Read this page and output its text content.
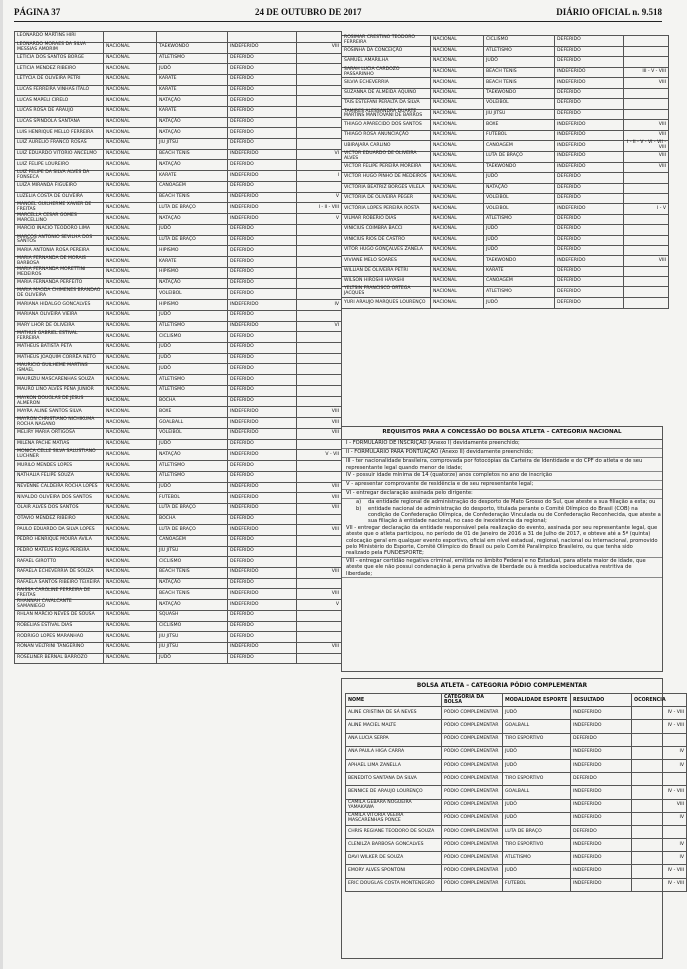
PÁGINA 37	24 DE OUTUBRO DE 2017	DIÁRIO OFICIAL n. 9.518
LEONARDO MARTINS HIRI				
LEONARDO MORAES DA SILVA MESSIAS AMORIM	NACIONAL	TAEKWONDO	INDEFERIDO	VIII
LETICIA DOS SANTOS BORGE	NACIONAL	ATLETISMO	DEFERIDO	
LETICIA MENDEZ RIBEIRO	NACIONAL	JUDÔ	DEFERIDO	
LETYCIA DE OLIVEIRA PETRI	NACIONAL	KARATE	DEFERIDO	
LUCAS FERREIRA VINHAS ITALO	NACIONAL	KARATE	DEFERIDO	
LUCAS MAPELI CIRELO	NACIONAL	NATAÇÃO	DEFERIDO	
LUCAS ROSA DE ARAUJO	NACIONAL	KARATE	DEFERIDO	
LUCAS SPINDOLA SANTANA	NACIONAL	NATAÇÃO	DEFERIDO	
LUIS HENRIQUE MELLO FERREIRA	NACIONAL	NATAÇÃO	DEFERIDO	
LUIZ AURELIO FRANCO ROSAS	NACIONAL	JIU JITSU	DEFERIDO	
LUIZ EDUARDO VITORIO ANCELMO	NACIONAL	BEACH TENIS	INDEFERIDO	VI
LUIZ FELIPE LOUREIRO	NACIONAL	NATAÇÃO	DEFERIDO	
LUIZ FELIPE DA SILVA ALVES DA FONSECA	NACIONAL	KARATE	INDEFERIDO	I
LUIZA MIRANDA FIGUEIRO	NACIONAL	CANOAGEM	DEFERIDO	
LUZELIA COSTA DE OLIVEIRA	NACIONAL	BEACH TENIS	INDEFERIDO	V
MANOEL GUILHERME XAVIER DE FREITAS	NACIONAL	LUTA DE BRAÇO	INDEFERIDO	I - II - VIII
MARCELLA CESAR GOMES MARCELLINO	NACIONAL	NATAÇÃO	INDEFERIDO	V
MARCIO INACIO TEODORO LIMA	NACIONAL	JUDÔ	DEFERIDO	
MARCOS ANTONIO SEVILHA DOS SANTOS	NACIONAL	LUTA DE BRAÇO	DEFERIDO	
MARIA ANTONIA ROSA PEREIRA	NACIONAL	HIPISMO	DEFERIDO	
MARIA FERNANDA DE MORAIS BARBOSA	NACIONAL	KARATE	DEFERIDO	
MARIA FERNANDA MORETTINI MEDEIROS	NACIONAL	HIPISMO	DEFERIDO	
MARIA FERNANDA PERFEITO	NACIONAL	NATAÇÃO	DEFERIDO	
MARIA MAGDA CHIMENES BRANDAO DE OLIVEIRA	NACIONAL	VOLEIBOL	DEFERIDO	
MARIANA HIDALGO GONCALVES	NACIONAL	HIPISMO	INDEFERIDO	IV
MARIANA OLIVEIRA VIEIRA	NACIONAL	JUDÔ	DEFERIDO	
MARY LHOR DE OLIVEIRA	NACIONAL	ATLETISMO	INDEFERIDO	VI
MATHUS GABRIEL ESTIVAL FERREIRA	NACIONAL	CICLISMO	DEFERIDO	
MATHEUS BATISTA PETA	NACIONAL	JUDÔ	DEFERIDO	
MATHEUS JOAQUIM CORRÊA NETO	NACIONAL	JUDÔ	DEFERIDO	
MAURICIO GUILHEME MARTINS ISMAEL	NACIONAL	JUDÔ	DEFERIDO	
MAURIZIU MASCARENHAS SOUZA	NACIONAL	ATLETISMO	DEFERIDO	
MAURO LINO ALVES PENA JUNIOR	NACIONAL	ATLETISMO	DEFERIDO	
MAYKON DOUGLAS DE JESUS ALMERON	NACIONAL	BOCHA	DEFERIDO	
MAYRA ALINE SANTOS SILVA	NACIONAL	BOXE	INDEFERIDO	VIII
MAYRON CHRISTIANO NICHIKUMA ROCHA NAGANO	NACIONAL	GOALBALL	INDEFERIDO	VIII
MELIRY MARIA ORTIGOSA	NACIONAL	VOLEIBOL	INDEFERIDO	VIII
MILENA PACHE MATIAS	NACIONAL	JUDÔ	DEFERIDO	
MONICA CELLE SILVA SALUSTIANO LUCHNER	NACIONAL	NATAÇÃO	INDEFERIDO	V - VII
MURILO MENDES LOPES	NACIONAL	ATLETISMO	DEFERIDO	
NATHALIA FELIPE SOUZA	NACIONAL	ATLETISMO	DEFERIDO	
NEVENNE CALDEIRA ROCHA LOPES	NACIONAL	JUDÔ	INDEFERIDO	VIII
NIVALDO OLIVEIRA DOS SANTOS	NACIONAL	FUTEBOL	INDEFERIDO	VIII
OLAIR ALVES DOS SANTOS	NACIONAL	LUTA DE BRAÇO	INDEFERIDO	VIII
OTAVIO MENDEZ RIBEIRO	NACIONAL	BOCHA	DEFERIDO	
PAULO EDUARDO DA SILVA LOPES	NACIONAL	LUTA DE BRAÇO	INDEFERIDO	VIII
PEDRO HENRIQUE MOURA AVILA	NACIONAL	CANOAGEM	DEFERIDO	
PEDRO MATEUS ROJAS PEREIRA	NACIONAL	JIU JITSU	DEFERIDO	
RAFAEL GIROTTO	NACIONAL	CICLISMO	DEFERIDO	
RAFAELA ECHEVERRIA DE SOUZA	NACIONAL	BEACH TENIS	INDEFERIDO	VIII
RAFAELA SANTOS RIBEIRO TEIXEIRA	NACIONAL	NATAÇÃO	DEFERIDO	
RAISSA CAROLINE FERREIRA DE FREITAS	NACIONAL	BEACH TENIS	INDEFERIDO	VIII
RHANNAH CAVALCANTE SAMANIEGO	NACIONAL	NATAÇÃO	INDEFERIDO	V
RHLAN MARCIO NEVES DE SOUSA	NACIONAL	SQUASH	DEFERIDO	
ROBELIAS ESTIVAL DIAS	NACIONAL	CICLISMO	DEFERIDO	
RODRIGO LOPES MARANHAO	NACIONAL	JIU JITSU	DEFERIDO	
RONAN VELTRINI TANGERINO	NACIONAL	JIU JITSU	INDEFERIDO	VIII
ROSELINER BERNAL BARROZO	NACIONAL	JUDÔ	DEFERIDO	
ROSIMAR CRESTINO TEODORO FERREIRA	NACIONAL	CICLISMO	DEFERIDO	
ROSINHA DA CONCEIÇÃO	NACIONAL	ATLETISMO	DEFERIDO	
SAMUEL AMARILHA	NACIONAL	JUDÔ	DEFERIDO	
SARAH LUCIA CARDOZO PASSARINHO	NACIONAL	BEACH TENIS	INDEFERIDO	III - V - VIII
SILVIA ECHEVERRIA	NACIONAL	BEACH TENIS	INDEFERIDO	VIII
SUZANNA DE ALMEIDA AQUINO	NACIONAL	TAEKWONDO	DEFERIDO	
TAIS ESTEFANI PERALTA DA SILVA	NACIONAL	VOLEIBOL	DEFERIDO	
TAMIRES ALESSANDRA DUARTE MARTINS MANTOVANI DE BARROS	NACIONAL	JIU JITSU	DEFERIDO	
THIAGO APARECIDO DOS SANTOS	NACIONAL	BOXE	INDEFERIDO	VIII
THIAGO ROSA ANUNCIAÇÃO	NACIONAL	FUTEBOL	INDEFERIDO	VIII
UBIRAJARA CARLINO	NACIONAL	CANOAGEM	INDEFERIDO	I - II - V - VI - VII - VIII
VICTOR EDUARDO DE OLIVEIRA ALVES	NACIONAL	LUTA DE BRAÇO	INDEFERIDO	VIII
VICTOR FELIPE PEREIRA MOREIRA	NACIONAL	TAEKWONDO	INDEFERIDO	VIII
VICTOR HUGO PINHO DE MEDEIROS	NACIONAL	JUDÔ	DEFERIDO	
VICTÓRIA BEATRIZ BORGES VILELA	NACIONAL	NATAÇÃO	DEFERIDO	
VICTÓRIA DE OLIVEIRA PEGER	NACIONAL	VOLEIBOL	DEFERIDO	
VICTÓRIA LOPES PEREIRA ROSTA	NACIONAL	VOLEIBOL	INDEFERIDO	I - V
VILMAR ROBERIO DIAS	NACIONAL	ATLETISMO	DEFERIDO	
VINICIUS COIMBRA BACCI	NACIONAL	JUDÔ	DEFERIDO	
VINICIUS RIOS DE CASTRO	NACIONAL	JUDÔ	DEFERIDO	
VITOR HUGO GONÇALVES ZANELA	NACIONAL	JUDÔ	DEFERIDO	
VIVIANE MELO SOARES	NACIONAL	TAEKWONDO	INDEFERIDO	VIII
WILLIAN DE OLIVEIRA PETRI	NACIONAL	KARATE	DEFERIDO	
WILSON HIROSHI HAYASHI	NACIONAL	CANOAGEM	DEFERIDO	
YELTSIN FRANCISCO ORTEGA JACQUES	NACIONAL	ATLETISMO	DEFERIDO	
YURI ARAUJO MARQUES LOURENÇO	NACIONAL	JUDÔ	DEFERIDO	
REQUISITOS PARA A CONCESSÃO DO BOLSA ATLETA – CATEGORIA NACIONAL
I - FORMULÁRIO DE INSCRIÇÃO (Anexo I) devidamente preenchido;
II - FORMULÁRIO PARA PONTUAÇÃO (Anexo II) devidamente preenchido;
III - ter nacionalidade brasileira, comprovada por fotocópias da Carteira de Identidade e do CPF do atleta e de seu representante legal quando menor de idade;
IV - possuir idade mínima de 14 (quatorze) anos completos no ano de inscrição
V - apresentar comprovante de residência e de seu representante legal;
VI - entregar declaração assinada pelo dirigente:
a)	da entidade regional de administração do desporto de Mato Grosso do Sul, que ateste a sua filiação a esta; ou
b)	entidade nacional de administração do desporto, titulada perante o Comitê Olímpico do Brasil (COB) na condição de Confederação Olímpica, de Confederação Vinculada ou de Confederação Reconhecida, que ateste a sua filiação à entidade nacional, no caso de inexistência da regional;
VII - entregar declaração da entidade responsável pela realização do evento, assinada por seu representante legal, que ateste que o atleta participou, no período de 01 de Janeiro de 2016 a 31 de Julho de 2017, e obteve até a 5ª (quinta) colocação geral em qualquer evento esportivo, oficial em nível estadual, regional, nacional ou internacional, promovido pelo Ministério do Esporte, Comitê Olímpico do Brasil ou pelo Comitê Paralímpico Brasileiro, ou que tenha sido realizado pela FUNDESPORTE;
VIII - entregar certidão negativa criminal, emitida no âmbito Federal e no Estadual, para atleta maior de idade, que ateste que ele não possui condenação à pena privativa de liberdade ou à medida socioeducativa restritiva de liberdade;
BOLSA ATLETA – CATEGORIA PÓDIO COMPLEMENTAR
NOME	CATEGORIA DA BOLSA	MODALIDADE ESPORTE	RESULTADO	OCORENCIA
ALINE CRISTINA DE SÁ NEVES	PÓDIO COMPLEMENTAR	JUDÔ	INDEFERIDO	IV - VIII
ALINE MACIEL MALTE	PÓDIO COMPLEMENTAR	GOALBALL	INDEFERIDO	IV - VIII
ANA LUCIA SERPA	PÓDIO COMPLEMENTAR	TIRO ESPORTIVO	DEFERIDO	
ANA PAULA HIGA CARRA	PÓDIO COMPLEMENTAR	JUDÔ	INDEFERIDO	IV
APHAEL LIMA ZANELLA	PÓDIO COMPLEMENTAR	JUDÔ	INDEFERIDO	IV
BENEDITO SANTANA DA SILVA	PÓDIO COMPLEMENTAR	TIRO ESPORTIVO	DEFERIDO	
BENNICE DE ARAUJO LOURENÇO	PÓDIO COMPLEMENTAR	GOALBALL	INDEFERIDO	IV - VIII
CAMILA GEBARA NOGUEIRA YAMAKAWA	PÓDIO COMPLEMENTAR	JUDÔ	INDEFERIDO	VIII
CAMILA VITORIA VEEIRA MASCARENHAS PONCE	PÓDIO COMPLEMENTAR	JUDÔ	INDEFERIDO	IV
CHRIS REGIANE TEODORO DE SOUZA	PÓDIO COMPLEMENTAR	LUTA DE BRAÇO	DEFERIDO	
CLENILZA BARBOSA GONCALVES	PÓDIO COMPLEMENTAR	TIRO ESPORTIVO	INDEFERIDO	IV
DAVI WILKER DE SOUZA	PÓDIO COMPLEMENTAR	ATLETISMO	INDEFERIDO	IV
EMORY ALVES SPONTONI	PÓDIO COMPLEMENTAR	JUDÔ	INDEFERIDO	IV - VIII
ERIC DOUGLAS COSTA MONTENEGRO	PÓDIO COMPLEMENTAR	FUTEBOL	INDEFERIDO	IV - VIII
